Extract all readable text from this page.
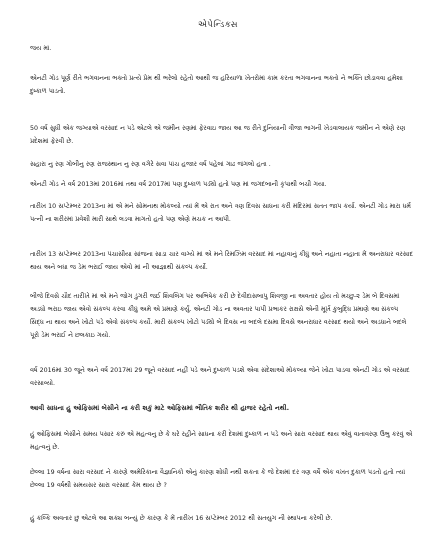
એપેન્ડિક્સ

જય માં.

એનટી ગોડ પૂર્ણ રીતે ભગવાનના ભક્તો પ્રત્યે પ્રેમ થી ભરેલો રહેતો આથી જ હરિયાળા ખેતરોમાં કામ કરતા ભગવાનના ભક્તો ને ભક્તિ છોડાવવા હમેશા દુષ્કાળ પાડતો.

50 વર્ષ સુધી એક જગ્યાએ વરસાદ ન પડે એટલે એ જમીન રણમાં ફેરવાઇ જાય આ જ રીતે દુનિયાની ત્રીજા ભાગની ખેડવાલાયક જમીન ને એણે રણ પ્રદેશમાં ફેરવી છે.

સહારા નુ રણ ગોબીનુ રણ રાજસ્થાન નુ રણ વગેરે સવા પાંચ હજાર વર્ષ પહેલાં ગાઢ જંગલો હતા .

એનટી ગોડ ને વર્ષ 2013માં 2016માં તથા વર્ષ 2017માં પણ દુષ્કાળ પડ્યો હતો પણ માં જગદંબાની કૃપાથી બચી ગયા.

તારીખ 10 સપ્ટેમ્બર 2013ના માં એ મને સોમનાથ મોકલ્યો ત્યાં મેં એ રાત અને ત્રણ દિવસ સાધના કરી મંદિરમાં સતત જાપ કર્યા. એનટી ગોડ મારા ધર્મ પત્ની ના શરીરમાં પ્રવેશી મારી સાથે લડવા માગતો હતો પણ એણે મચક ન આપી.

તારીખ 13 સપ્ટેમ્બર 2013ના પંચાસીયા સાંજના સાડા ચાર વાગ્યે માં એ મને રિમઝિમ વરસાદ માં નહાવાનું કીધું અને નહાતા નહાતા મેં અનરાધાર વરસાદ થાય અને બધા જ ડેમ ભરાઈ જાય એવો માં ની આજ્ઞાથી સંકલ્પ કર્યો.

બીજે દિવસે ચૌદ તારીખે માં એ મને જોગ ડુંગરી જઈ શિવલિંગ પર અભિષેક કરી છે દેવીદાસબાપુ શિવજી ના અવતાર હોય તો મચ્છુ-૨ ડેમ બે દિવસમાં અડધો ભરાઇ જાય એવો સંકલ્પ કરવા કીધું અમે એ પ્રમાણે કર્યું. એનટી ગોડ ના અવતાર પાપી પ્રભાકર રાક્ષસે એની મૂર્ખ કુબુદ્ધિ પ્રમાણે આ સંકલ્પ સિદ્ધ ના થાય અને ખોટો પડે એવો સંકલ્પ કર્યો. મારી સંકલ્પ ખોટો પડ્યો બે દિવસ ના બદલે દસમા દિવસે અનરાધાર વરસાદ થયો અને અડધાને બદલે પૂરો ડેમ ભરાઈ ને છલકાઇ ગયો.

વર્ષ 2016માં 30 જૂને અને વર્ષ 2017માં 29 જૂને વરસાદ નહીં પડે અને દુષ્કાળ પડશે એવા સંદેશાઓ મોકલ્યા જેને ખોટા પાડવા એનટી ગોડ એ વરસાદ વરસાવ્યો.

આવી સાધના હુ ઓફિસમાં બેસીને ના કરી શકું માટે ઓફિસમાં ભૌતિક શરીર થી હાજર રહેતો નથી.

હું ઓફિસમાં બેસીને સમય પસાર કરું એ મહત્વનુ છે કે ઘરે રહીને સાધના કરી દેશમાં દુષ્કાળ ન પડે અને સારા વરસાદ થાય એવું વાતાવરણ ઉભુ કરવું એ મહત્વનું છે.

છેલ્લા 19 વર્ષના સારા વરસાદ ને કારણે અમેરિકાના વૈજ્ઞાનિકો એનું કારણ શોધી નથી શકતા કે જે દેશમાં દર ત્રણ વર્ષે એક વખત દુકાળ પડતો હતો ત્યાં છેલ્લા 19 વર્ષથી સમયસર સારા વરસાદ કેમ થાય છે ?

હું કલ્કિ અવતાર છું એટલે આ શક્ય બન્યું છે કારણ કે મેં તારીખ 16 સપ્ટેમ્બર 2012 થી સતયુગ ની સ્થાપના કરેલી છે.
